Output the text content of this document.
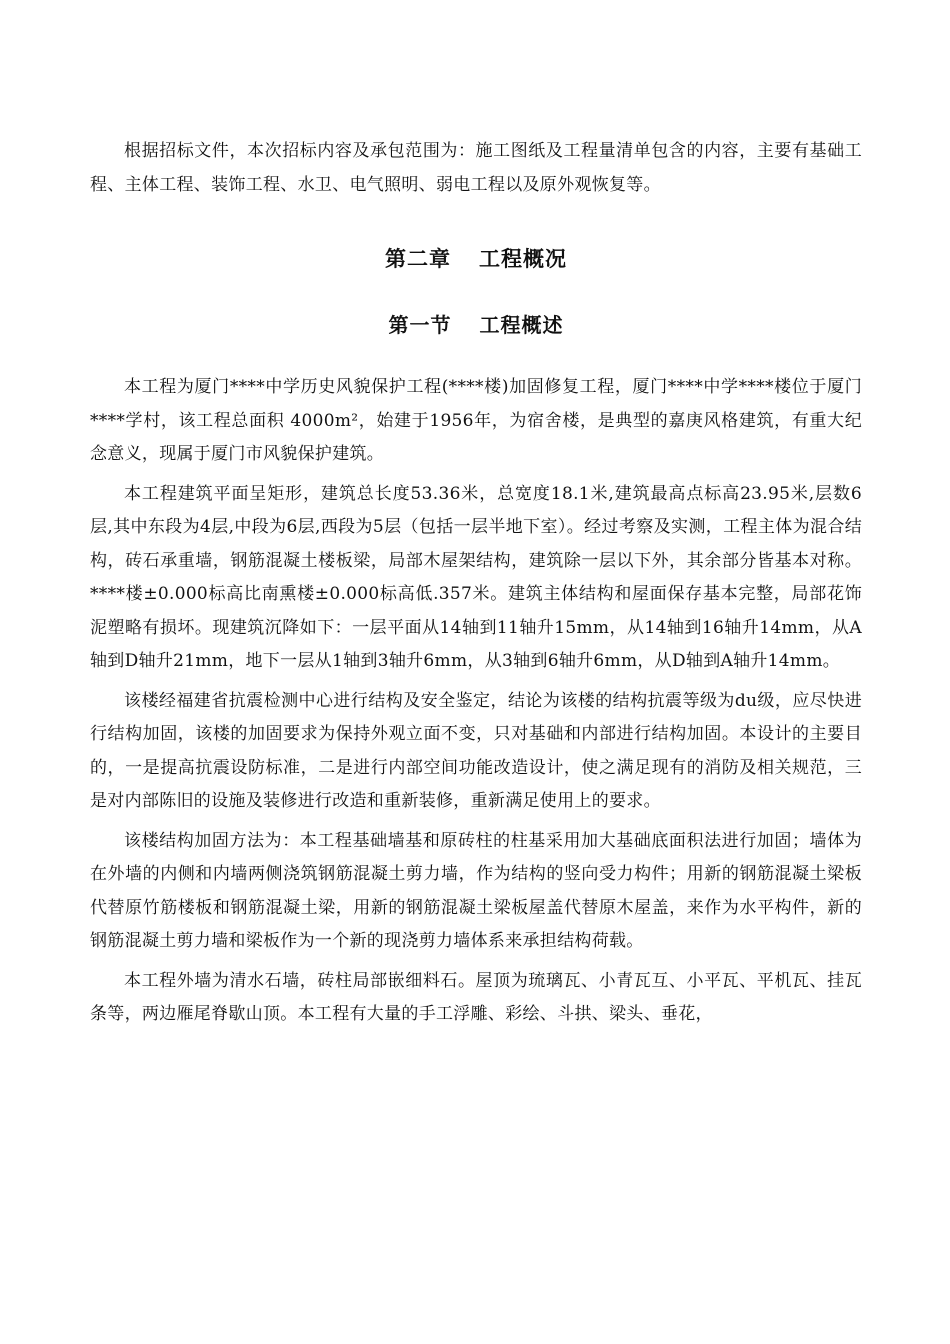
根据招标文件，本次招标内容及承包范围为：施工图纸及工程量清单包含的内容，主要有基础工程、主体工程、装饰工程、水卫、电气照明、弱电工程以及原外观恢复等。

第二章 工程概况
第一节 工程概述

本工程为厦门****中学历史风貌保护工程(****楼)加固修复工程，厦门****中学****楼位于厦门****学村，该工程总面积 4000m²，始建于1956年，为宿舍楼，是典型的嘉庚风格建筑，有重大纪念意义，现属于厦门市风貌保护建筑。

本工程建筑平面呈矩形，建筑总长度53.36米，总宽度18.1米,建筑最高点标高23.95米,层数6层,其中东段为4层,中段为6层,西段为5层（包括一层半地下室）。经过考察及实测，工程主体为混合结构，砖石承重墙，钢筋混凝土楼板梁，局部木屋架结构，建筑除一层以下外，其余部分皆基本对称。****楼±0.000标高比南熏楼±0.000标高低.357米。建筑主体结构和屋面保存基本完整，局部花饰泥塑略有损坏。现建筑沉降如下：一层平面从14轴到11轴升15mm，从14轴到16轴升14mm，从A轴到D轴升21mm，地下一层从1轴到3轴升6mm，从3轴到6轴升6mm，从D轴到A轴升14mm。

该楼经福建省抗震检测中心进行结构及安全鉴定，结论为该楼的结构抗震等级为du级，应尽快进行结构加固，该楼的加固要求为保持外观立面不变，只对基础和内部进行结构加固。本设计的主要目的，一是提高抗震设防标准，二是进行内部空间功能改造设计，使之满足现有的消防及相关规范，三是对内部陈旧的设施及装修进行改造和重新装修，重新满足使用上的要求。

该楼结构加固方法为：本工程基础墙基和原砖柱的柱基采用加大基础底面积法进行加固；墙体为在外墙的内侧和内墙两侧浇筑钢筋混凝土剪力墙，作为结构的竖向受力构件；用新的钢筋混凝土梁板代替原竹筋楼板和钢筋混凝土梁，用新的钢筋混凝土梁板屋盖代替原木屋盖，来作为水平构件，新的钢筋混凝土剪力墙和梁板作为一个新的现浇剪力墙体系来承担结构荷载。

本工程外墙为清水石墙，砖柱局部嵌细料石。屋顶为琉璃瓦、小青瓦互、小平瓦、平机瓦、挂瓦条等，两边雁尾脊歇山顶。本工程有大量的手工浮雕、彩绘、斗拱、梁头、垂花，
